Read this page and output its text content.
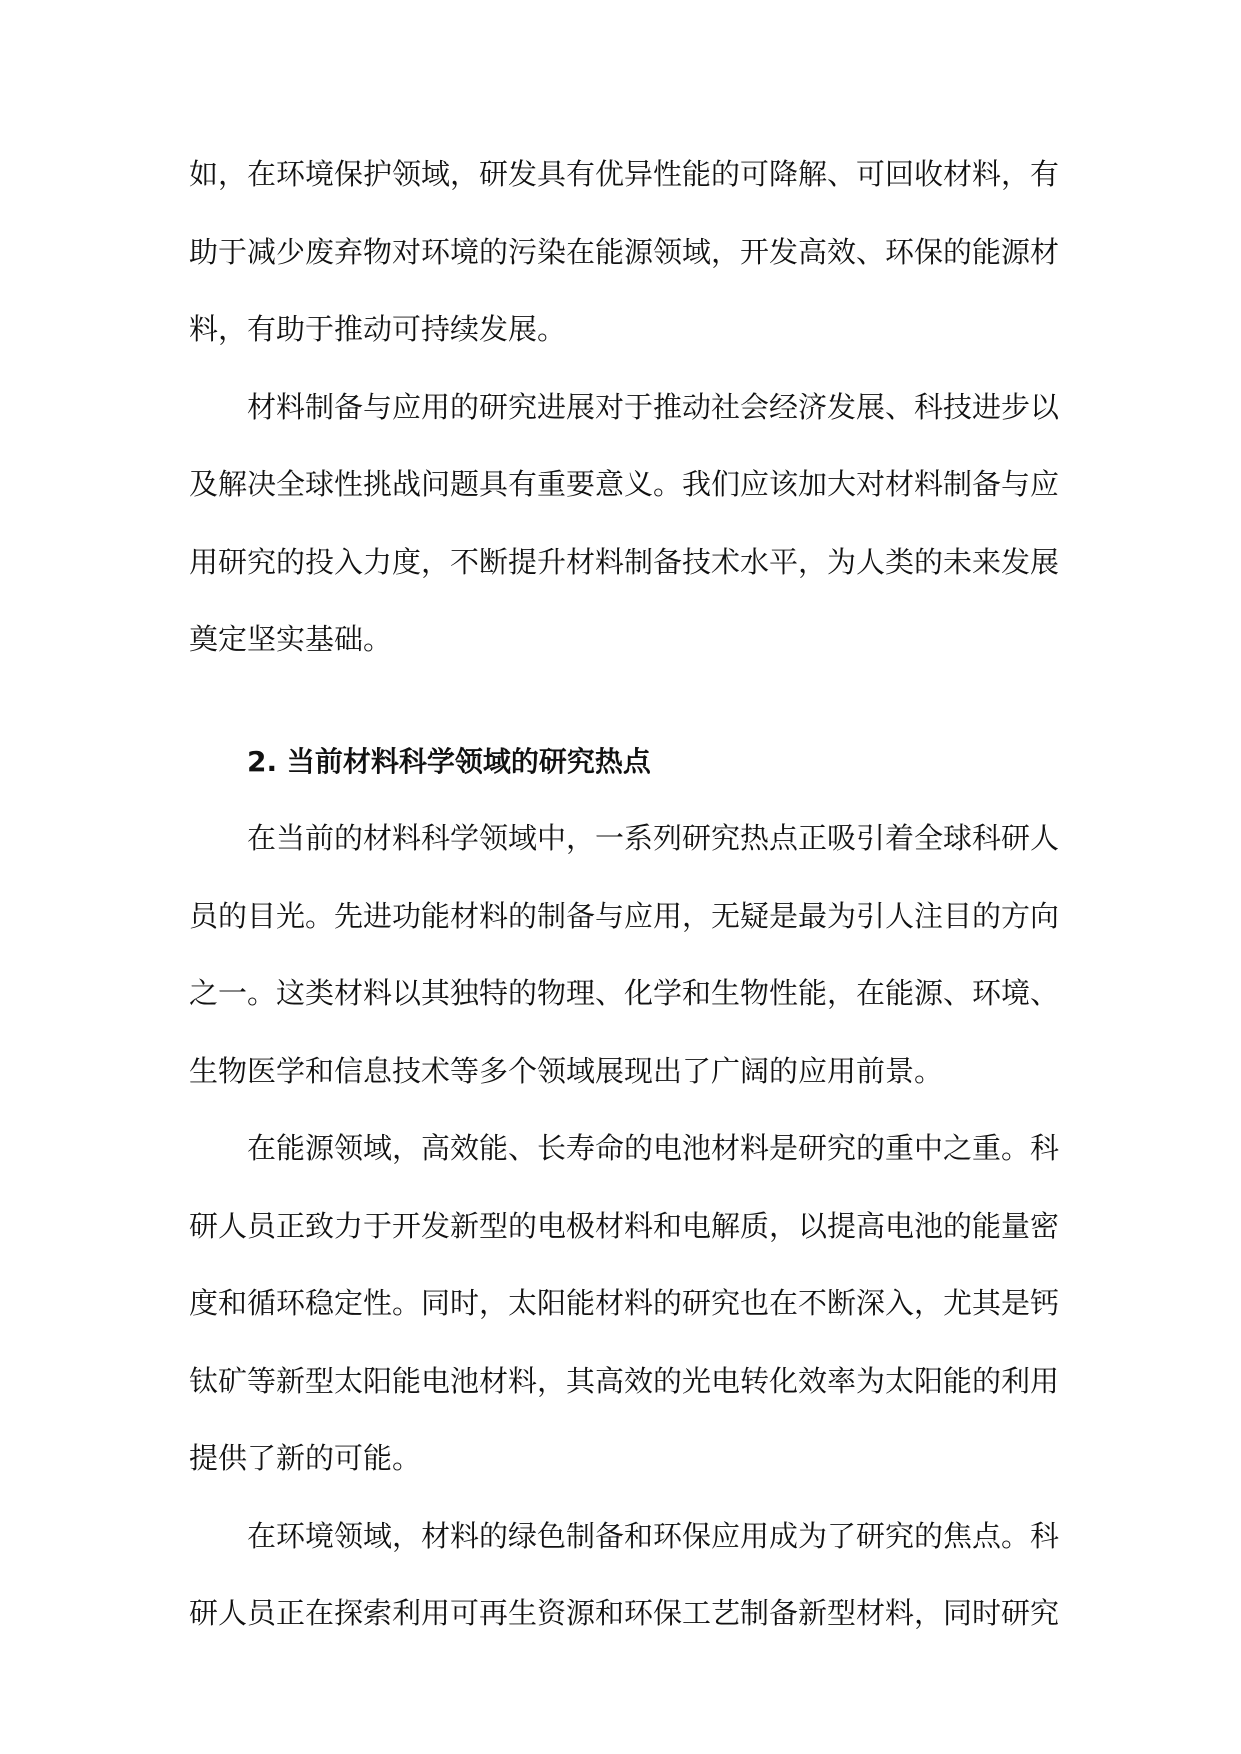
如，在环境保护领域，研发具有优异性能的可降解、可回收材料，有助于减少废弃物对环境的污染在能源领域，开发高效、环保的能源材料，有助于推动可持续发展。

材料制备与应用的研究进展对于推动社会经济发展、科技进步以及解决全球性挑战问题具有重要意义。我们应该加大对材料制备与应用研究的投入力度，不断提升材料制备技术水平，为人类的未来发展奠定坚实基础。

2. 当前材料科学领域的研究热点

在当前的材料科学领域中，一系列研究热点正吸引着全球科研人员的目光。先进功能材料的制备与应用，无疑是最为引人注目的方向之一。这类材料以其独特的物理、化学和生物性能，在能源、环境、生物医学和信息技术等多个领域展现出了广阔的应用前景。

在能源领域，高效能、长寿命的电池材料是研究的重中之重。科研人员正致力于开发新型的电极材料和电解质，以提高电池的能量密度和循环稳定性。同时，太阳能材料的研究也在不断深入，尤其是钙钛矿等新型太阳能电池材料，其高效的光电转化效率为太阳能的利用提供了新的可能。

在环境领域，材料的绿色制备和环保应用成为了研究的焦点。科研人员正在探索利用可再生资源和环保工艺制备新型材料，同时研究
